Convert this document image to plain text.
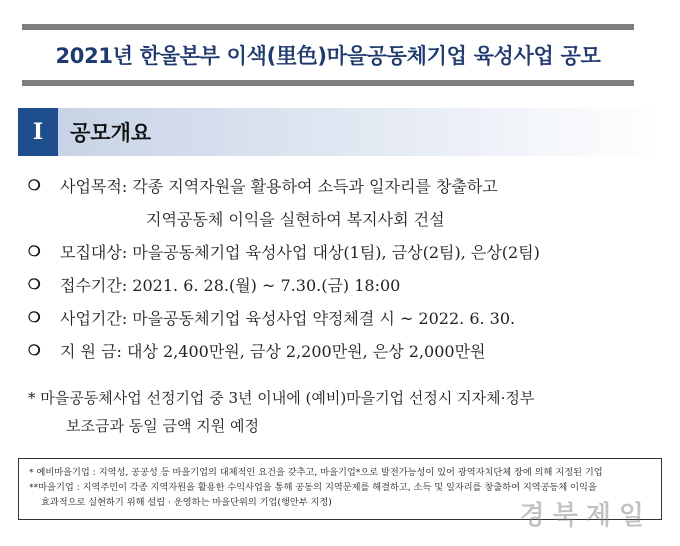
2021년 한울본부 이색(里色)마을공동체기업 육성사업 공모
I	공모개요
❍	사업목적: 각종 지역자원을 활용하여 소득과 일자리를 창출하고
지역공동체 이익을 실현하여 복지사회 건설
❍	모집대상: 마을공동체기업 육성사업 대상(1팀), 금상(2팀), 은상(2팀)
❍	접수기간: 2021. 6. 28.(월) ~ 7.30.(금) 18:00
❍	사업기간: 마을공동체기업 육성사업 약정체결 시 ~ 2022. 6. 30.
❍	지 원 금: 대상 2,400만원, 금상 2,200만원, 은상 2,000만원
* 마을공동체사업 선정기업 중 3년 이내에 (예비)마을기업 선정시 지자체·정부
보조금과 동일 금액 지원 예정
* 예비마을기업 : 지역성, 공공성 등 마을기업의 대체적인 요건을 갖추고, 마을기업*으로 발전가능성이 있어 광역자치단체 장에 의해 지정된 기업
**마을기업 : 지역주민이 각종 지역자원을 활용한 수익사업을 통해 공동의 지역문제를 해결하고, 소득 및 일자리를 창출하여 지역공동체 이익을
효과적으로 실현하기 위해 설립 · 운영하는 마을단위의 기업(행안부 지정)	경북제일
